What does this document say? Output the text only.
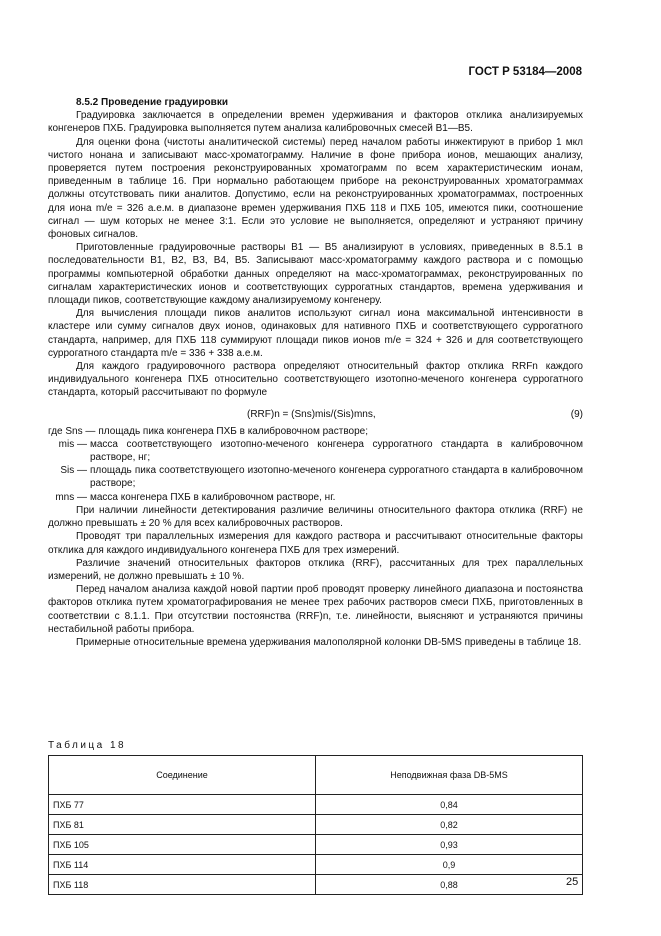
ГОСТ Р 53184—2008

8.5.2 Проведение градуировки

Градуировка заключается в определении времен удерживания и факторов отклика анализируемых конгенеров ПХБ. Градуировка выполняется путем анализа калибровочных смесей В1—В5.

Для оценки фона (чистоты аналитической системы) перед началом работы инжектируют в прибор 1 мкл чистого нонана и записывают масс-хроматограмму. Наличие в фоне прибора ионов, мешающих анализу, проверяется путем построения реконструированных хроматограмм по всем характеристическим ионам, приведенным в таблице 16. При нормально работающем приборе на реконструированных хроматограммах должны отсутствовать пики аналитов. Допустимо, если на реконструированных хроматограммах, построенных для иона m/e = 326 а.е.м. в диапазоне времен удерживания ПХБ 118 и ПХБ 105, имеются пики, соотношение сигнал — шум которых не менее 3:1. Если это условие не выполняется, определяют и устраняют причину фоновых сигналов.

Приготовленные градуировочные растворы В1 — В5 анализируют в условиях, приведенных в 8.5.1 в последовательности В1, В2, В3, В4, В5. Записывают масс-хроматограмму каждого раствора и с помощью программы компьютерной обработки данных определяют на масс-хроматограммах, реконструированных по сигналам характеристических ионов и соответствующих суррогатных стандартов, времена удерживания и площади пиков, соответствующие каждому анализируемому конгенеру.

Для вычисления площади пиков аналитов используют сигнал иона максимальной интенсивности в кластере или сумму сигналов двух ионов, одинаковых для нативного ПХБ и соответствующего суррогатного стандарта, например, для ПХБ 118 суммируют площади пиков ионов m/e = 324 + 326 и для соответствующего суррогатного стандарта m/e = 336 + 338 а.е.м.

Для каждого градуировочного раствора определяют относительный фактор отклика RRFn каждого индивидуального конгенера ПХБ относительно соответствующего изотопно-меченого конгенера суррогатного стандарта, который рассчитывают по формуле

(RRF)n = (Sns)mis/(Sis)mns,	(9)
где Sns — площадь пика конгенера ПХБ в калибровочном растворе;
mis — масса соответствующего изотопно-меченого конгенера суррогатного стандарта в калибровочном растворе, нг;
Sis — площадь пика соответствующего изотопно-меченого конгенера суррогатного стандарта в калибровочном растворе;
mns — масса конгенера ПХБ в калибровочном растворе, нг.

При наличии линейности детектирования различие величины относительного фактора отклика (RRF) не должно превышать ± 20 % для всех калибровочных растворов.

Проводят три параллельных измерения для каждого раствора и рассчитывают относительные факторы отклика для каждого индивидуального конгенера ПХБ для трех измерений.

Различие значений относительных факторов отклика (RRF), рассчитанных для трех параллельных измерений, не должно превышать ± 10 %.

Перед началом анализа каждой новой партии проб проводят проверку линейного диапазона и постоянства факторов отклика путем хроматографирования не менее трех рабочих растворов смеси ПХБ, приготовленных в соответствии с 8.1.1. При отсутствии постоянства (RRF)n, т.е. линейности, выясняют и устраняются причины нестабильной работы прибора.

Примерные относительные времена удерживания малополярной колонки DB-5MS приведены в таблице 18.

Таблица 18
Соединение	Неподвижная фаза DB-5MS
ПХБ 77	0,84
ПХБ 81	0,82
ПХБ 105	0,93
ПХБ 114	0,9
ПХБ 118	0,88	25
